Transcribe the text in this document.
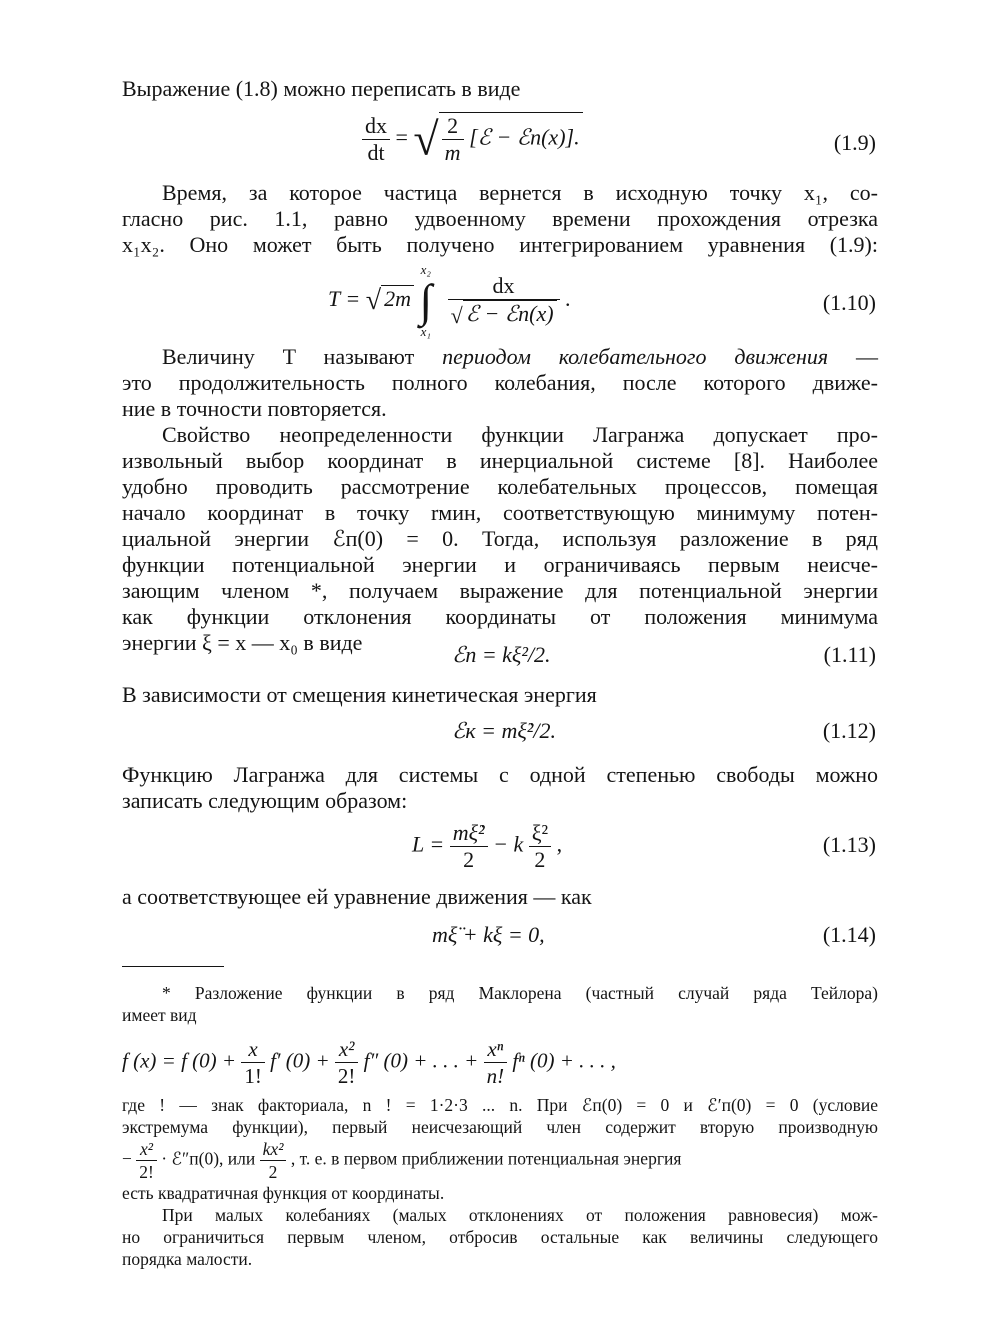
Выражение (1.8) можно переписать в виде
$\frac{dx}{dt}$ = √ $\frac{2}{m}$ [ℰ − ℰп(x)].	(1.9)
Время, за которое частица вернется в исходную точку x₁, со-
гласно рис. 1.1, равно удвоенному времени прохождения отрезка
x₁x₂. Оно может быть получено интегрированием уравнения (1.9):
T = √ 2m
x₂
∫
x₁

$\frac{dx}{\text{√ ℰ − ℰп(x)}}$ .	(1.10)
Величину T называют периодом колебательного движения —
это продолжительность полного колебания, после которого движе-
ние в точности повторяется.
Свойство неопределенности функции Лагранжа допускает про-
извольный выбор координат в инерциальной системе [8]. Наиболее
удобно проводить рассмотрение колебательных процессов, помещая
начало координат в точку rмин, соответствующую минимуму потен-
циальной энергии ℰп(0) = 0. Тогда, используя разложение в ряд
функции потенциальной энергии и ограничиваясь первым неисче-
зающим членом *, получаем выражение для потенциальной энергии
как функции отклонения координаты от положения минимума
энергии ξ = x — x₀ в виде	ℰп = kξ²/2.	(1.11)
В зависимости от смещения кинетическая энергия
ℰк = mξ̇²/2.	(1.12)
Функцию Лагранжа для системы с одной степенью свободы можно
записать следующим образом:
$L = \frac{\text{mξ̇²}}{2} - k \frac{\text{ξ²}}{2}$ ,	(1.13)
а соответствующее ей уравнение движения — как
mξ̈ + kξ = 0,	(1.14)
* Разложение функции в ряд Маклорена (частный случай ряда Тейлора)
имеет вид
f (x) = f $(0) + \frac{x}{1!} f'$ $(0) + \frac{\text{x²}}{2!} f''$ (0) + . . . + $\frac{\text{xⁿ}}{n!}$ fⁿ (0) + . . . ,
где ! — знак факториала, n ! = 1·2·3 ... n. При ℰп(0) = 0 и ℰ′п(0) = 0 (условие
экстремума функции), первый неисчезающий член содержит вторую производную
− $\frac{\text{x²}}{2!}$ · ℰ″п(0), или $\frac{\text{kx²}}{2}$ , т. е. в первом приближении потенциальная энергия
есть квадратичная функция от координаты.
При малых колебаниях (малых отклонениях от положения равновесия) мож-
но ограничиться первым членом, отбросив остальные как величины следующего
порядка малости.
